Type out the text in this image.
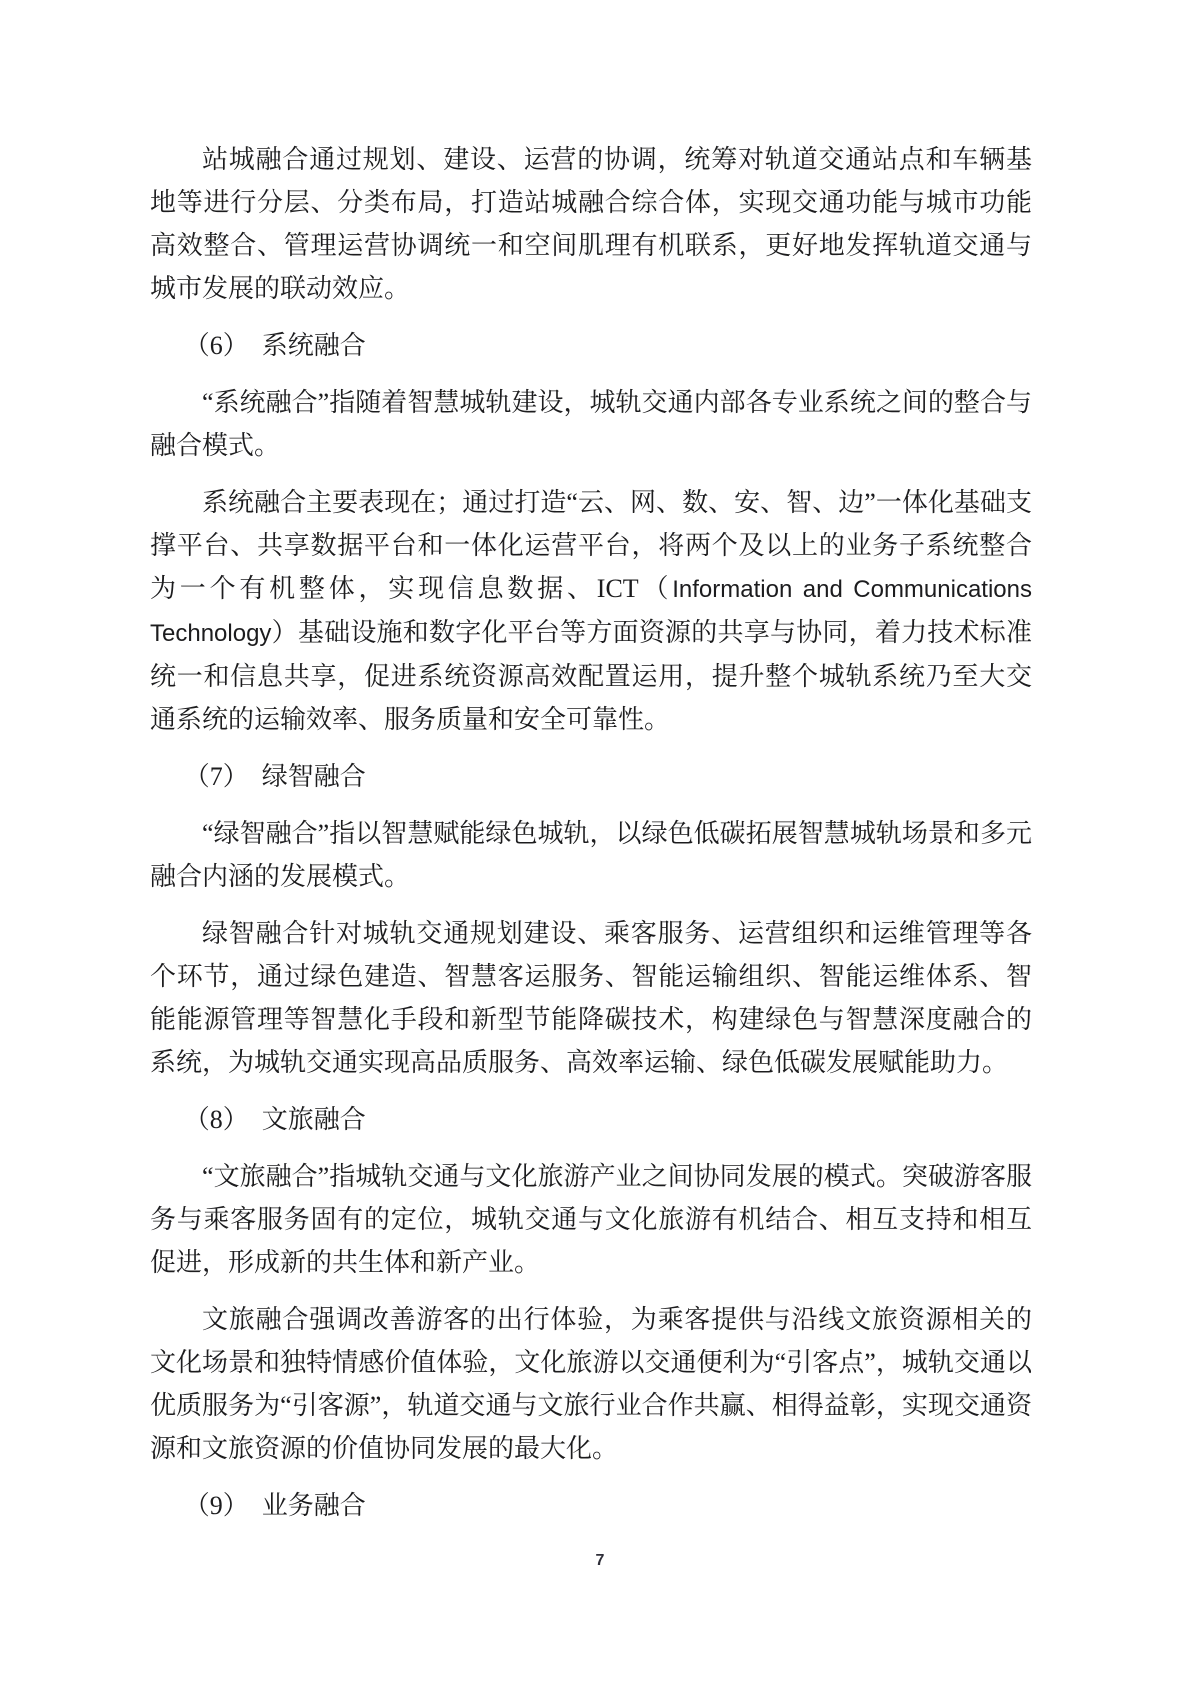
站城融合通过规划、建设、运营的协调，统筹对轨道交通站点和车辆基地等进行分层、分类布局，打造站城融合综合体，实现交通功能与城市功能高效整合、管理运营协调统一和空间肌理有机联系，更好地发挥轨道交通与城市发展的联动效应。

（6）　系统融合

“系统融合”指随着智慧城轨建设，城轨交通内部各专业系统之间的整合与融合模式。

系统融合主要表现在；通过打造“云、网、数、安、智、边”一体化基础支撑平台、共享数据平台和一体化运营平台，将两个及以上的业务子系统整合为一个有机整体，实现信息数据、ICT（Information and Communications Technology）基础设施和数字化平台等方面资源的共享与协同，着力技术标准统一和信息共享，促进系统资源高效配置运用，提升整个城轨系统乃至大交通系统的运输效率、服务质量和安全可靠性。

（7）　绿智融合

“绿智融合”指以智慧赋能绿色城轨，以绿色低碳拓展智慧城轨场景和多元融合内涵的发展模式。

绿智融合针对城轨交通规划建设、乘客服务、运营组织和运维管理等各个环节，通过绿色建造、智慧客运服务、智能运输组织、智能运维体系、智能能源管理等智慧化手段和新型节能降碳技术，构建绿色与智慧深度融合的系统，为城轨交通实现高品质服务、高效率运输、绿色低碳发展赋能助力。

（8）　文旅融合

“文旅融合”指城轨交通与文化旅游产业之间协同发展的模式。突破游客服务与乘客服务固有的定位，城轨交通与文化旅游有机结合、相互支持和相互促进，形成新的共生体和新产业。

文旅融合强调改善游客的出行体验，为乘客提供与沿线文旅资源相关的文化场景和独特情感价值体验，文化旅游以交通便利为“引客点”，城轨交通以优质服务为“引客源”，轨道交通与文旅行业合作共赢、相得益彰，实现交通资源和文旅资源的价值协同发展的最大化。

（9）　业务融合

7
